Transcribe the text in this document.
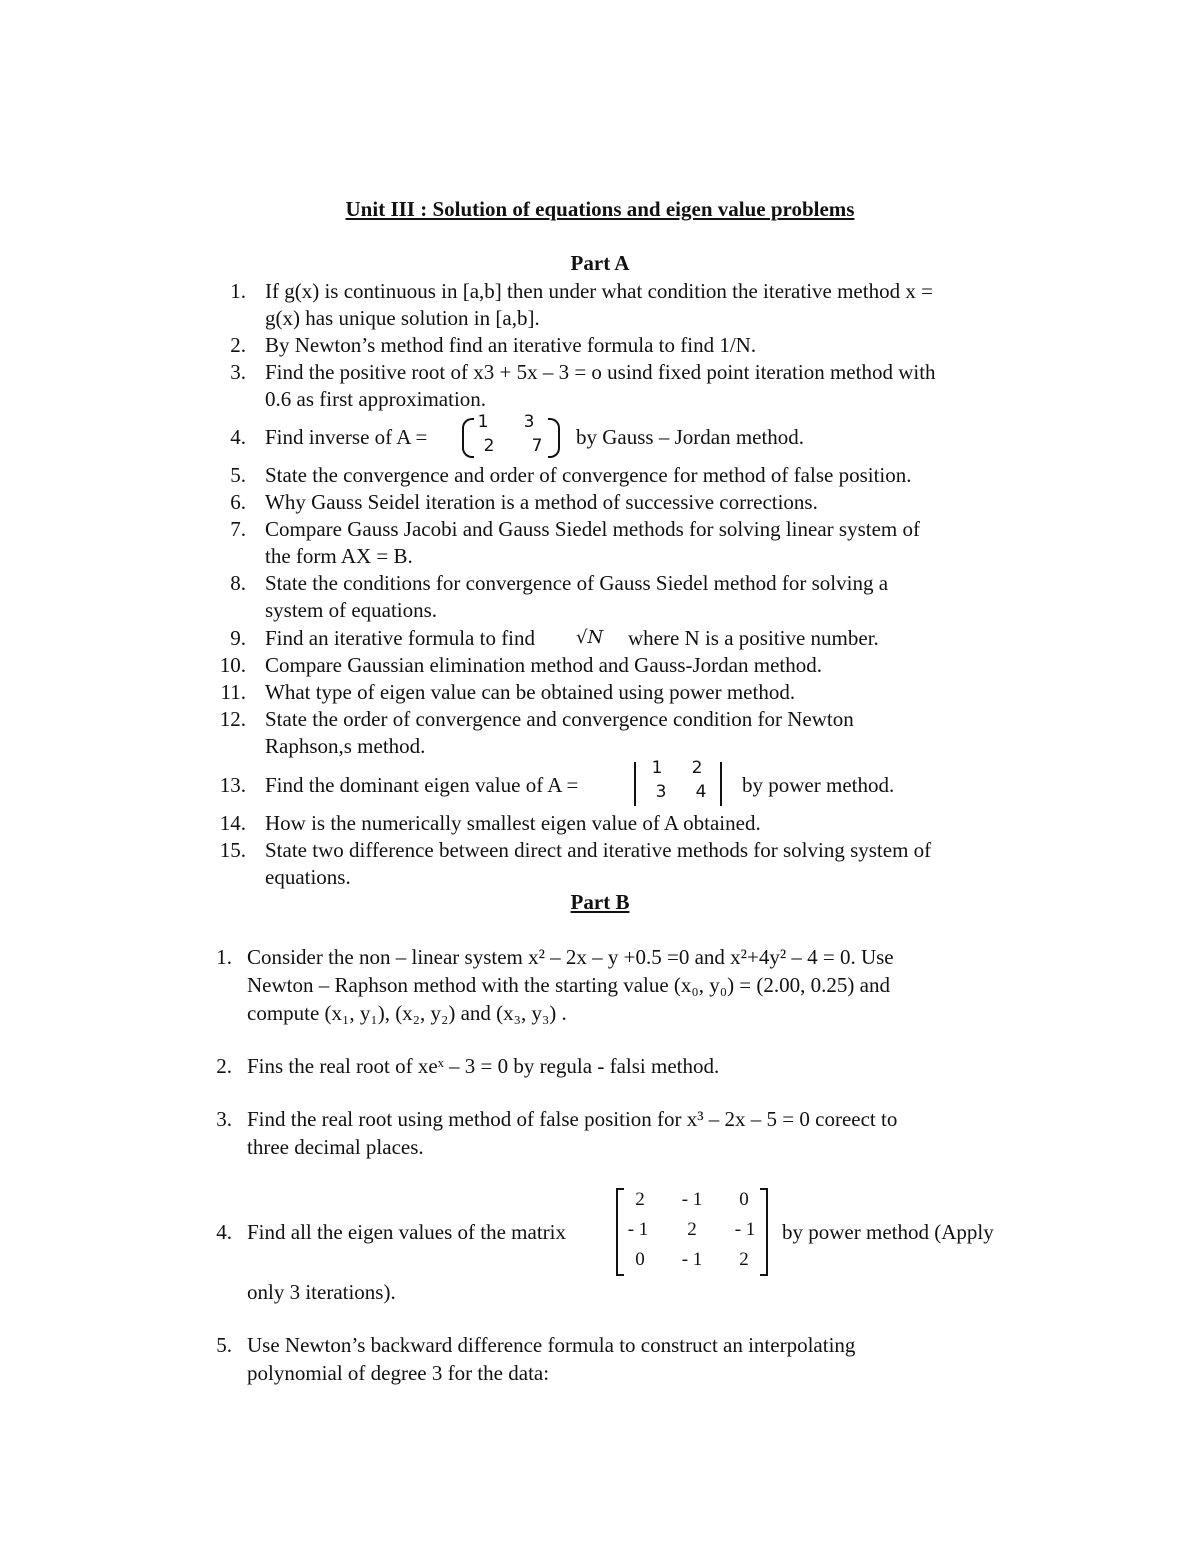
Unit III : Solution of equations and eigen value problems
Part A
1. If g(x) is continuous in [a,b] then under what condition the iterative method x =
g(x) has unique solution in [a,b].
2. By Newton’s method find an iterative formula to find 1/N.
3. Find the positive root of x3 + 5x – 3 = o usind fixed point iteration method with
0.6 as first approximation.
4. Find inverse of A =
1	3
2	7 by Gauss – Jordan method.
5. State the convergence and order of convergence for method of false position.
6. Why Gauss Seidel iteration is a method of successive corrections.
7. Compare Gauss Jacobi and Gauss Siedel methods for solving linear system of
the form AX = B.
8. State the conditions for convergence of Gauss Siedel method for solving a
system of equations.
9. Find an iterative formula to find √N where N is a positive number.
10. Compare Gaussian elimination method and Gauss-Jordan method.
11. What type of eigen value can be obtained using power method.
12. State the order of convergence and convergence condition for Newton
Raphson,s method.
13. Find the dominant eigen value of A =
1	2
3	4 by power method.
14. How is the numerically smallest eigen value of A obtained.
15. State two difference between direct and iterative methods for solving system of
equations.
Part B
1. Consider the non – linear system x² – 2x – y +0.5 =0 and x²+4y² – 4 = 0. Use
Newton – Raphson method with the starting value (x₀, y₀) = (2.00, 0.25) and
compute (x₁, y₁), (x₂, y₂) and (x₃, y₃) .
2. Fins the real root of xeˣ – 3 = 0 by regula - falsi method.
3. Find the real root using method of false position for x³ – 2x – 5 = 0 coreect to
three decimal places.
4. Find all the eigen values of the matrix
2	- 1	0
- 1	2	- 1
0	- 1	2
by power method (Apply
only 3 iterations).
5. Use Newton’s backward difference formula to construct an interpolating
polynomial of degree 3 for the data:
